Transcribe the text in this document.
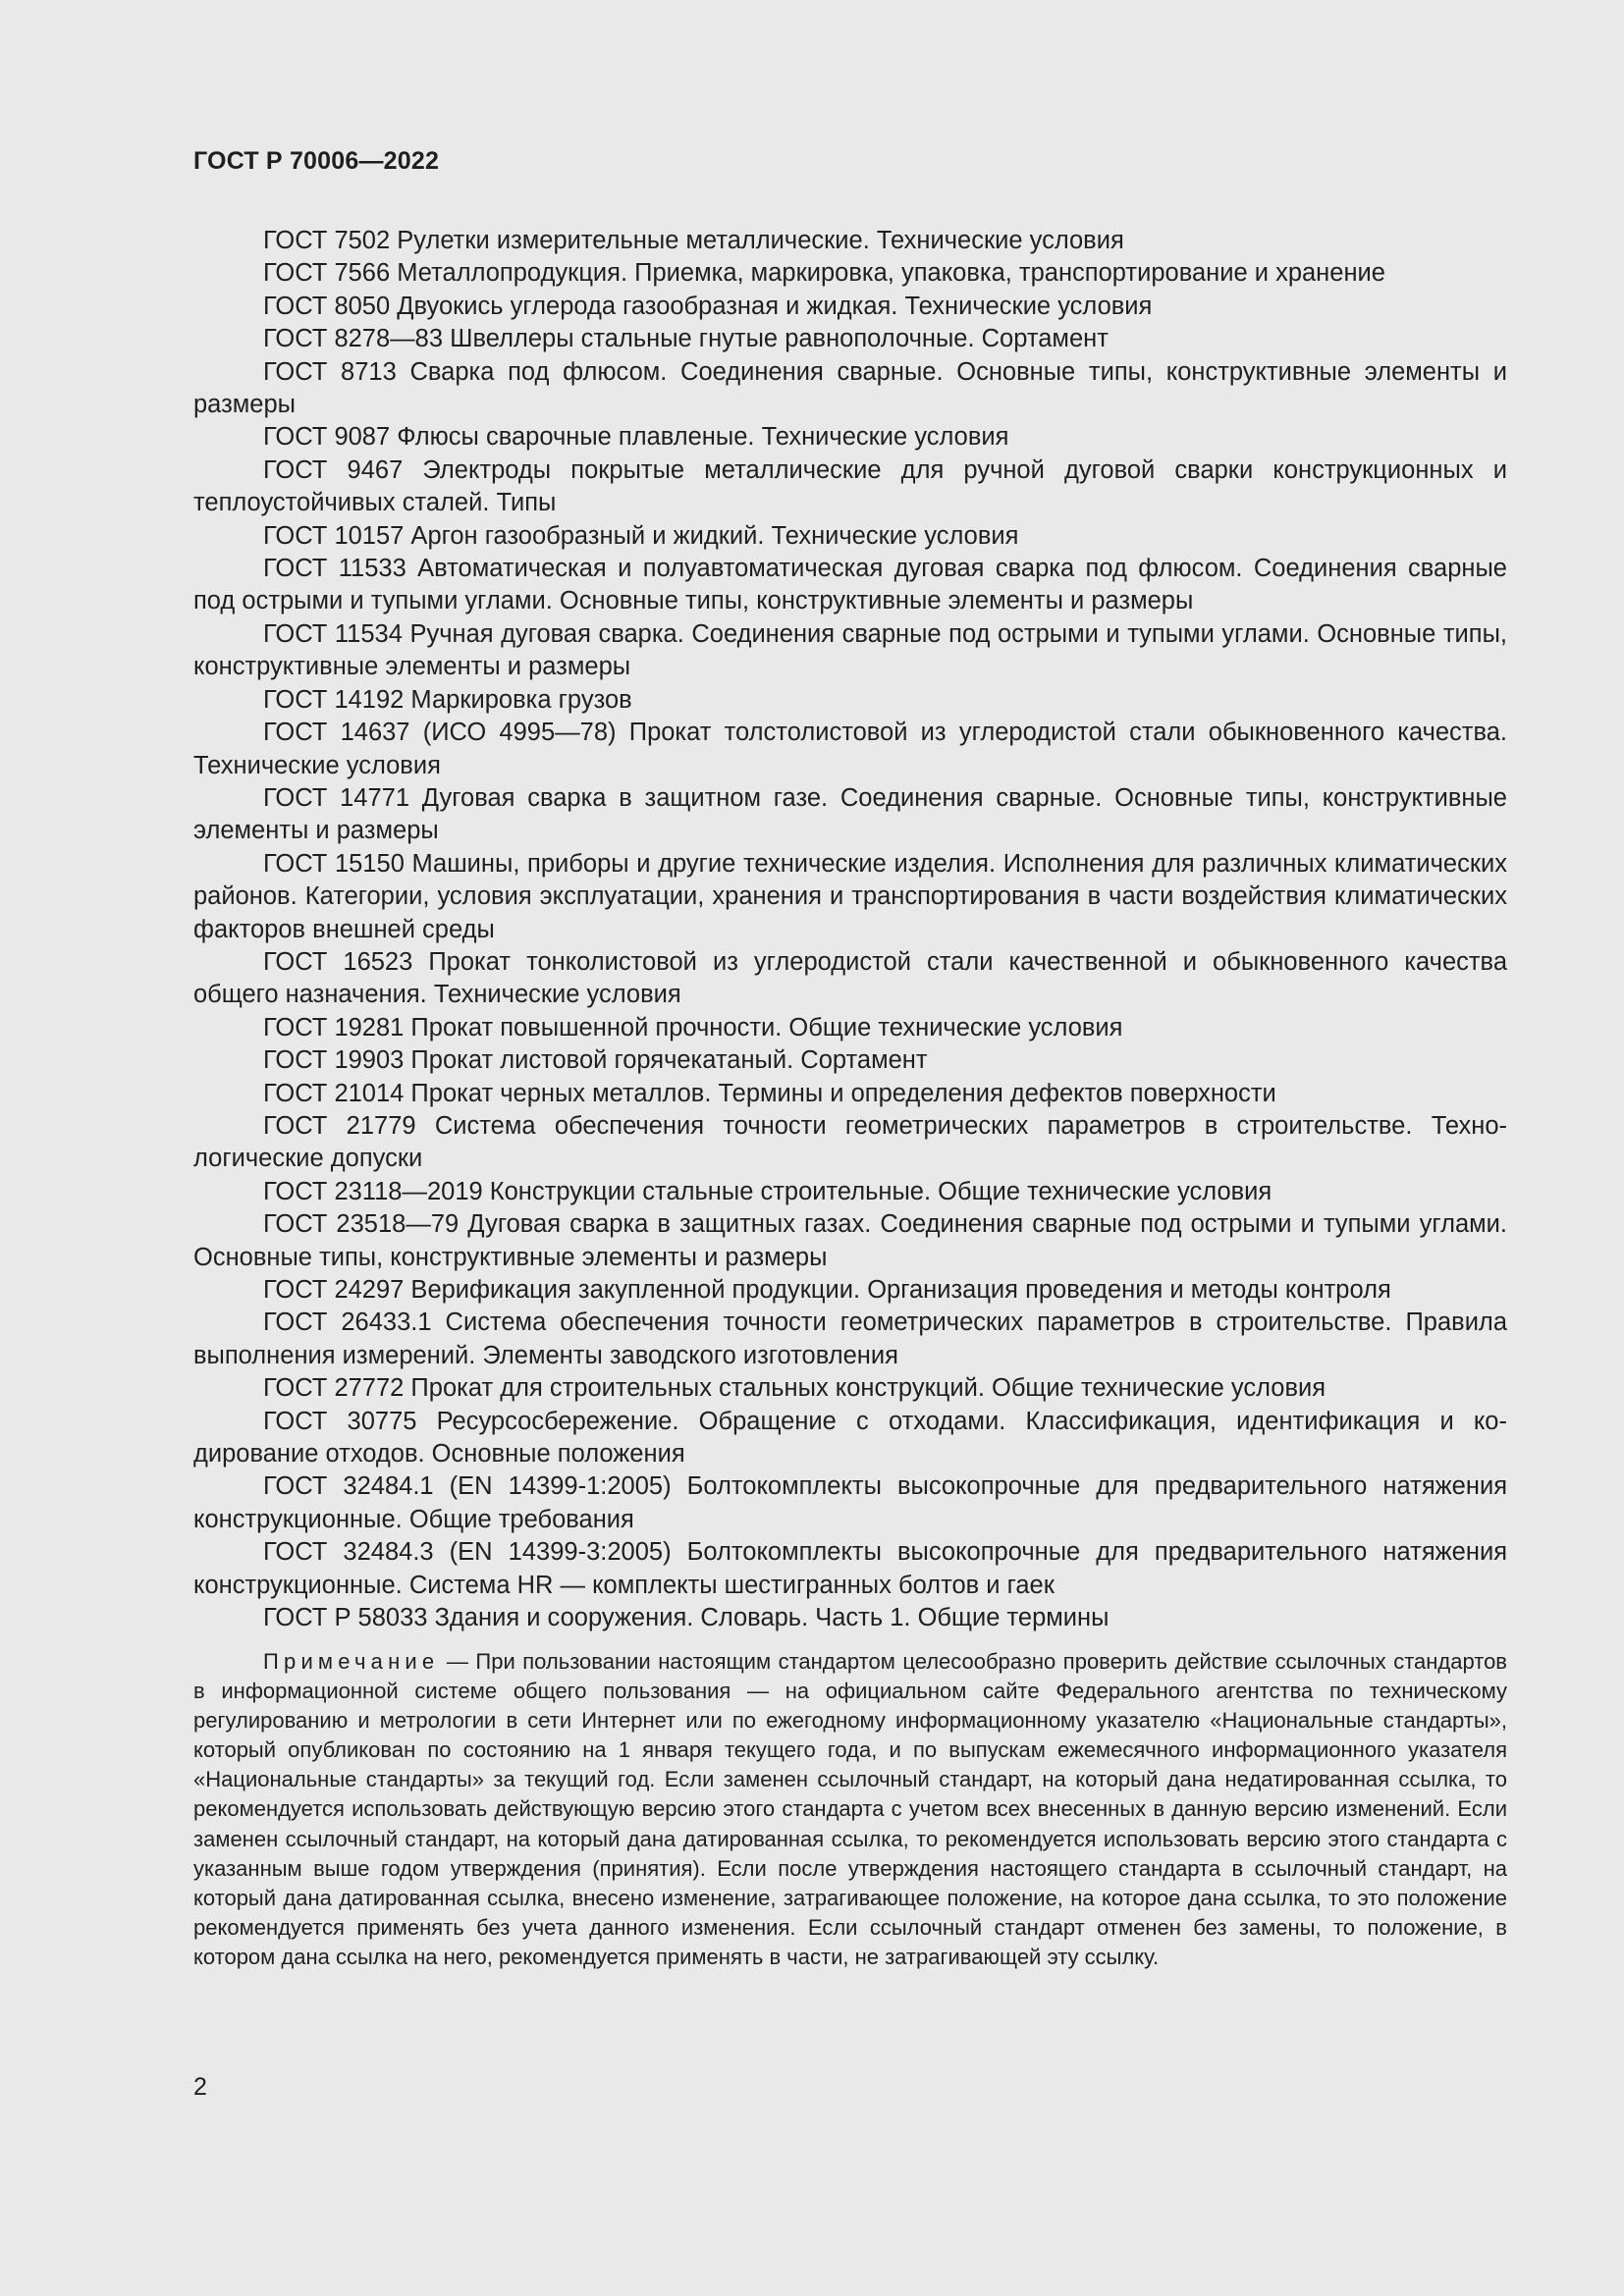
ГОСТ Р 70006—2022

ГОСТ 7502 Рулетки измерительные металлические. Технические условия

ГОСТ 7566 Металлопродукция. Приемка, маркировка, упаковка, транспортирование и хранение

ГОСТ 8050 Двуокись углерода газообразная и жидкая. Технические условия

ГОСТ 8278—83 Швеллеры стальные гнутые равнополочные. Сортамент

ГОСТ 8713 Сварка под флюсом. Соединения сварные. Основные типы, конструктивные элементы и размеры

ГОСТ 9087 Флюсы сварочные плавленые. Технические условия

ГОСТ 9467 Электроды покрытые металлические для ручной дуговой сварки конструкционных и теплоустойчивых сталей. Типы

ГОСТ 10157 Аргон газообразный и жидкий. Технические условия

ГОСТ 11533 Автоматическая и полуавтоматическая дуговая сварка под флюсом. Соединения сварные под острыми и тупыми углами. Основные типы, конструктивные элементы и размеры

ГОСТ 11534 Ручная дуговая сварка. Соединения сварные под острыми и тупыми углами. Основные типы, конструктивные элементы и размеры

ГОСТ 14192 Маркировка грузов

ГОСТ 14637 (ИСО 4995—78) Прокат толстолистовой из углеродистой стали обыкновенного качества. Технические условия

ГОСТ 14771 Дуговая сварка в защитном газе. Соединения сварные. Основные типы, конструктивные элементы и размеры

ГОСТ 15150 Машины, приборы и другие технические изделия. Исполнения для различных климатических районов. Категории, условия эксплуатации, хранения и транспортирования в части воздействия климатических факторов внешней среды

ГОСТ 16523 Прокат тонколистовой из углеродистой стали качественной и обыкновенного качества общего назначения. Технические условия

ГОСТ 19281 Прокат повышенной прочности. Общие технические условия

ГОСТ 19903 Прокат листовой горячекатаный. Сортамент

ГОСТ 21014 Прокат черных металлов. Термины и определения дефектов поверхности

ГОСТ 21779 Система обеспечения точности геометрических параметров в строительстве. Технологические допуски

ГОСТ 23118—2019 Конструкции стальные строительные. Общие технические условия

ГОСТ 23518—79 Дуговая сварка в защитных газах. Соединения сварные под острыми и тупыми углами. Основные типы, конструктивные элементы и размеры

ГОСТ 24297 Верификация закупленной продукции. Организация проведения и методы контроля

ГОСТ 26433.1 Система обеспечения точности геометрических параметров в строительстве. Правила выполнения измерений. Элементы заводского изготовления

ГОСТ 27772 Прокат для строительных стальных конструкций. Общие технические условия

ГОСТ 30775 Ресурсосбережение. Обращение с отходами. Классификация, идентификация и кодирование отходов. Основные положения

ГОСТ 32484.1 (EN 14399-1:2005) Болтокомплекты высокопрочные для предварительного натяжения конструкционные. Общие требования

ГОСТ 32484.3 (EN 14399-3:2005) Болтокомплекты высокопрочные для предварительного натяжения конструкционные. Система HR — комплекты шестигранных болтов и гаек

ГОСТ Р 58033 Здания и сооружения. Словарь. Часть 1. Общие термины

Примечание — При пользовании настоящим стандартом целесообразно проверить действие ссылочных стандартов в информационной системе общего пользования — на официальном сайте Федерального агентства по техническому регулированию и метрологии в сети Интернет или по ежегодному информационному указателю «Национальные стандарты», который опубликован по состоянию на 1 января текущего года, и по выпускам ежемесячного информационного указателя «Национальные стандарты» за текущий год. Если заменен ссылочный стандарт, на который дана недатированная ссылка, то рекомендуется использовать действующую версию этого стандарта с учетом всех внесенных в данную версию изменений. Если заменен ссылочный стандарт, на который дана датированная ссылка, то рекомендуется использовать версию этого стандарта с указанным выше годом утверждения (принятия). Если после утверждения настоящего стандарта в ссылочный стандарт, на который дана датированная ссылка, внесено изменение, затрагивающее положение, на которое дана ссылка, то это положение рекомендуется применять без учета данного изменения. Если ссылочный стандарт отменен без замены, то положение, в котором дана ссылка на него, рекомендуется применять в части, не затрагивающей эту ссылку.

2
